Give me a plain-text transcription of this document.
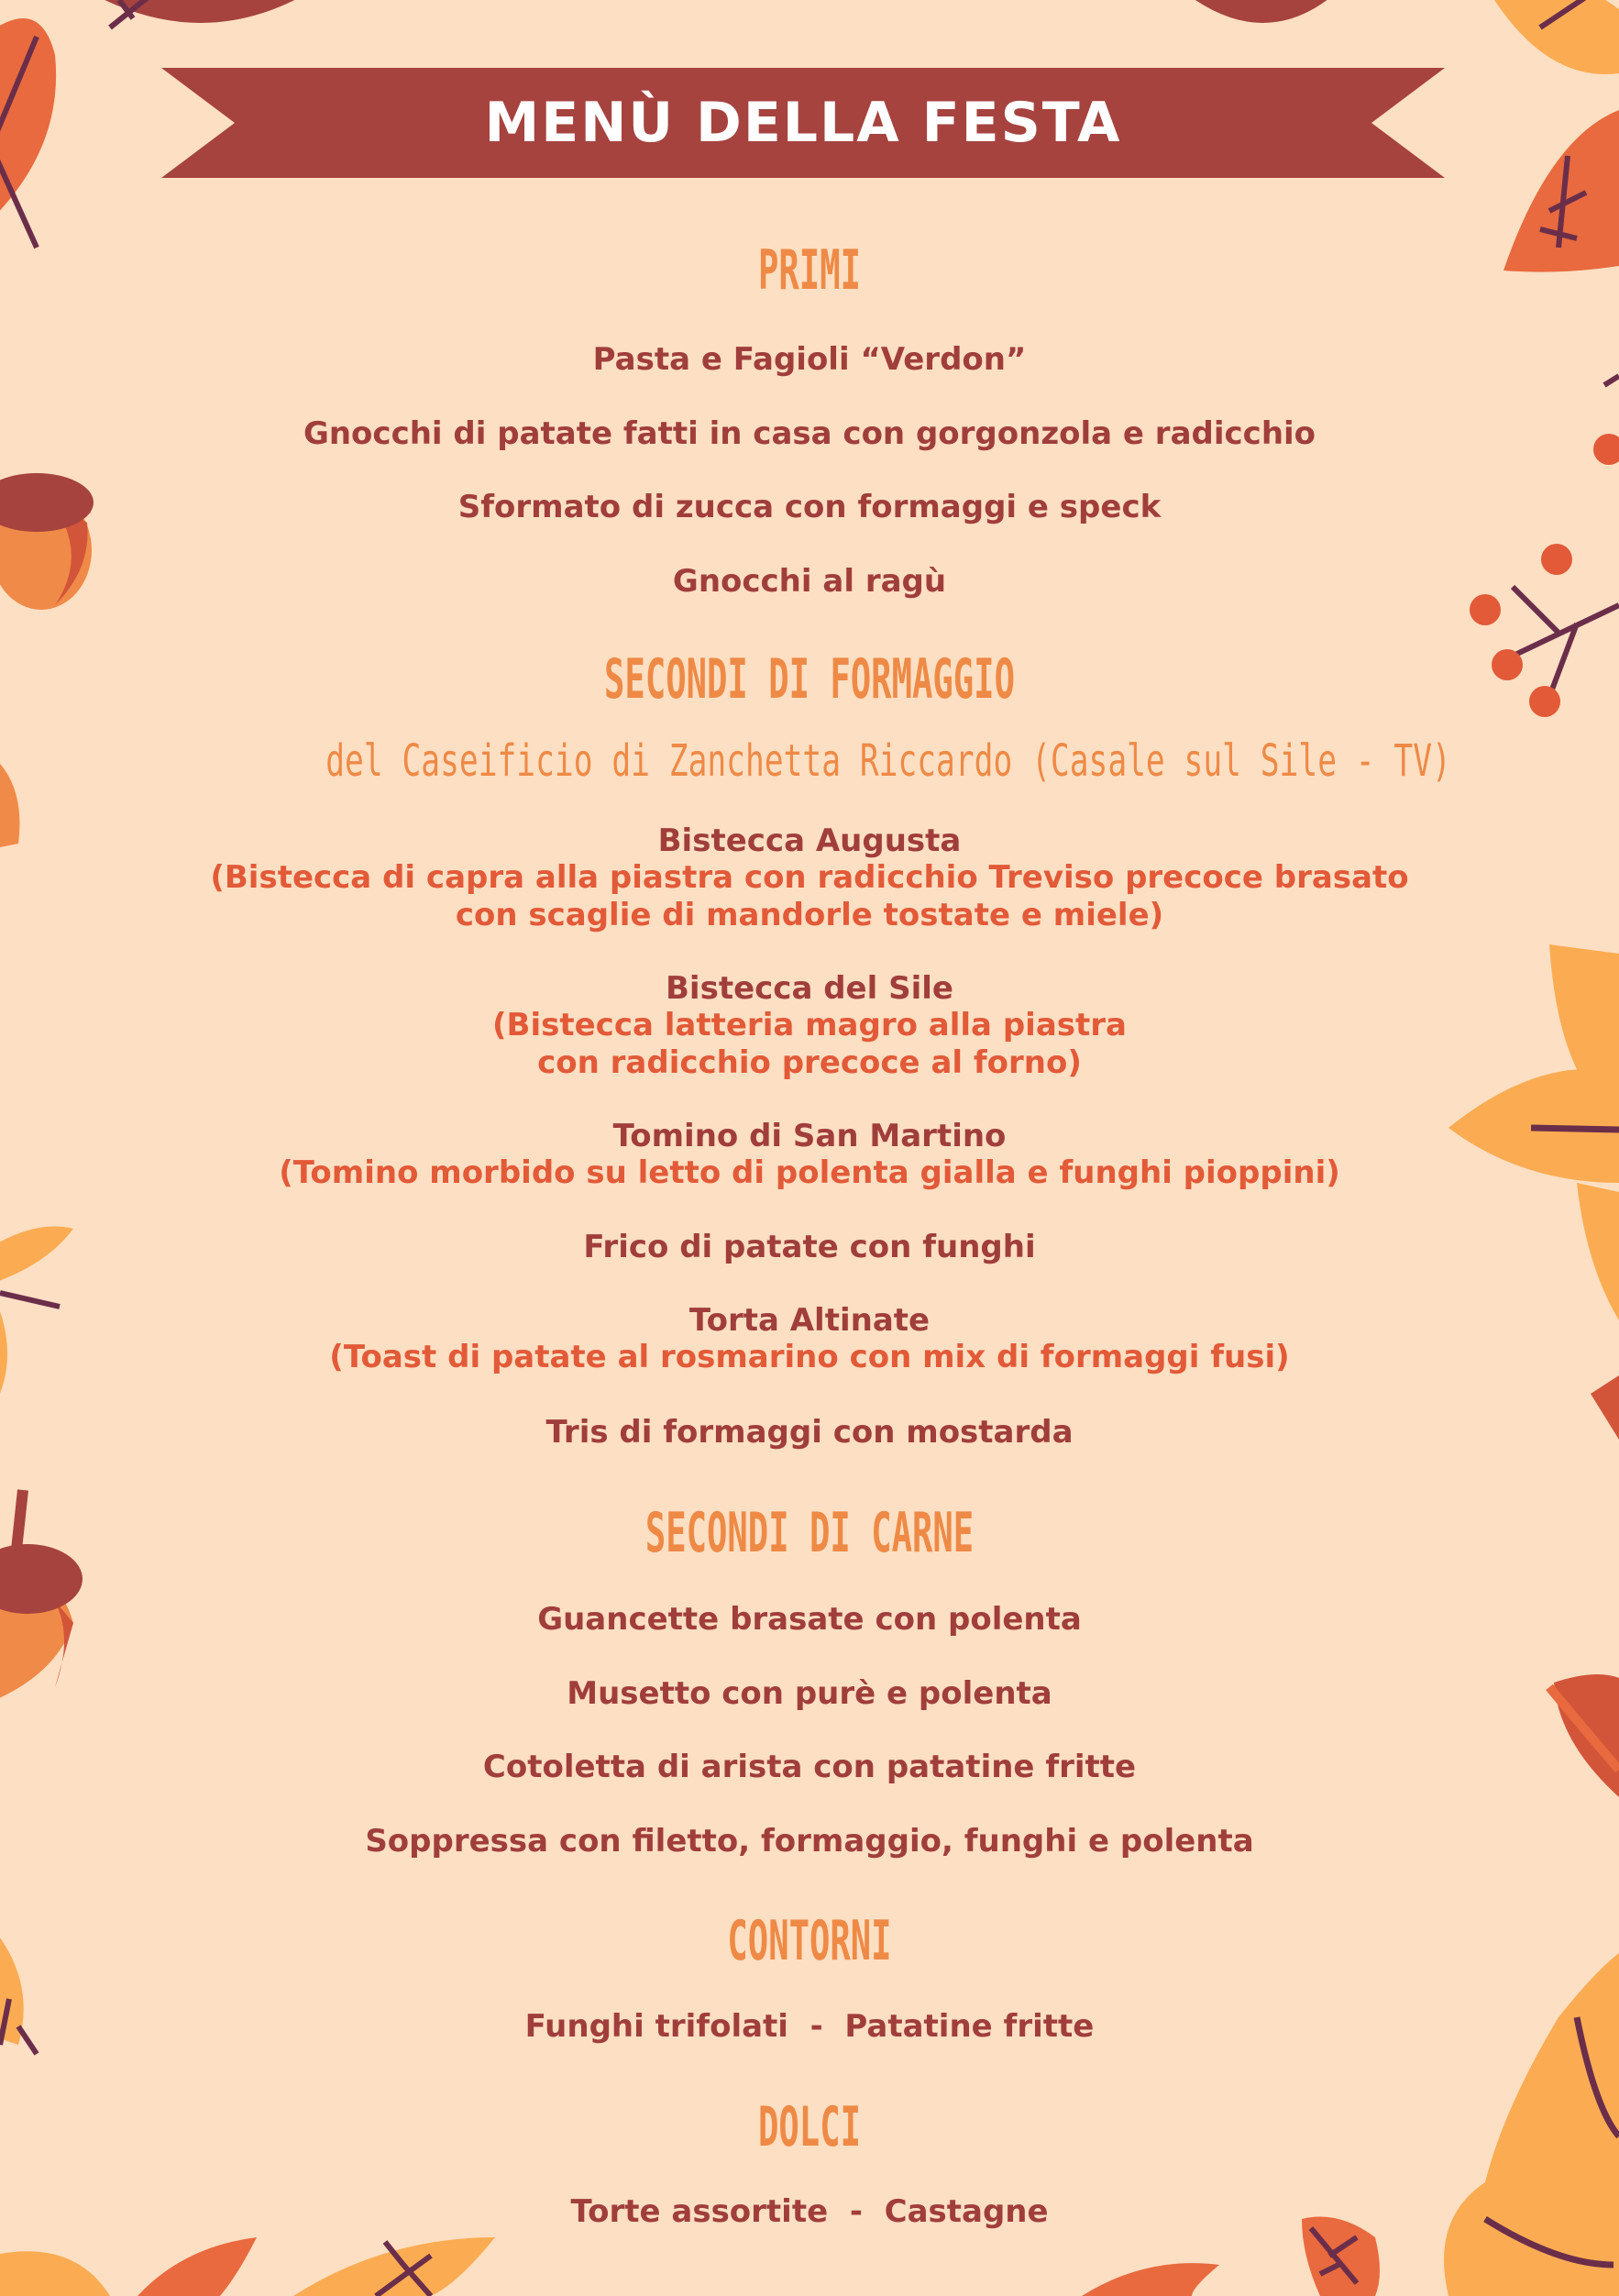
MENÙ DELLA FESTA
PRIMI
Pasta e Fagioli “Verdon”
Gnocchi di patate fatti in casa con gorgonzola e radicchio
Sformato di zucca con formaggi e speck
Gnocchi al ragù
SECONDI DI FORMAGGIO
del Caseificio di Zanchetta Riccardo (Casale sul Sile - TV)
Bistecca Augusta
(Bistecca di capra alla piastra con radicchio Treviso precoce brasato
con scaglie di mandorle tostate e miele)
Bistecca del Sile
(Bistecca latteria magro alla piastra
con radicchio precoce al forno)
Tomino di San Martino
(Tomino morbido su letto di polenta gialla e funghi pioppini)
Frico di patate con funghi
Torta Altinate
(Toast di patate al rosmarino con mix di formaggi fusi)
Tris di formaggi con mostarda
SECONDI DI CARNE
Guancette brasate con polenta
Musetto con purè e polenta
Cotoletta di arista con patatine fritte
Soppressa con filetto, formaggio, funghi e polenta
CONTORNI
Funghi trifolati  -  Patatine fritte
DOLCI
Torte assortite  -  Castagne
